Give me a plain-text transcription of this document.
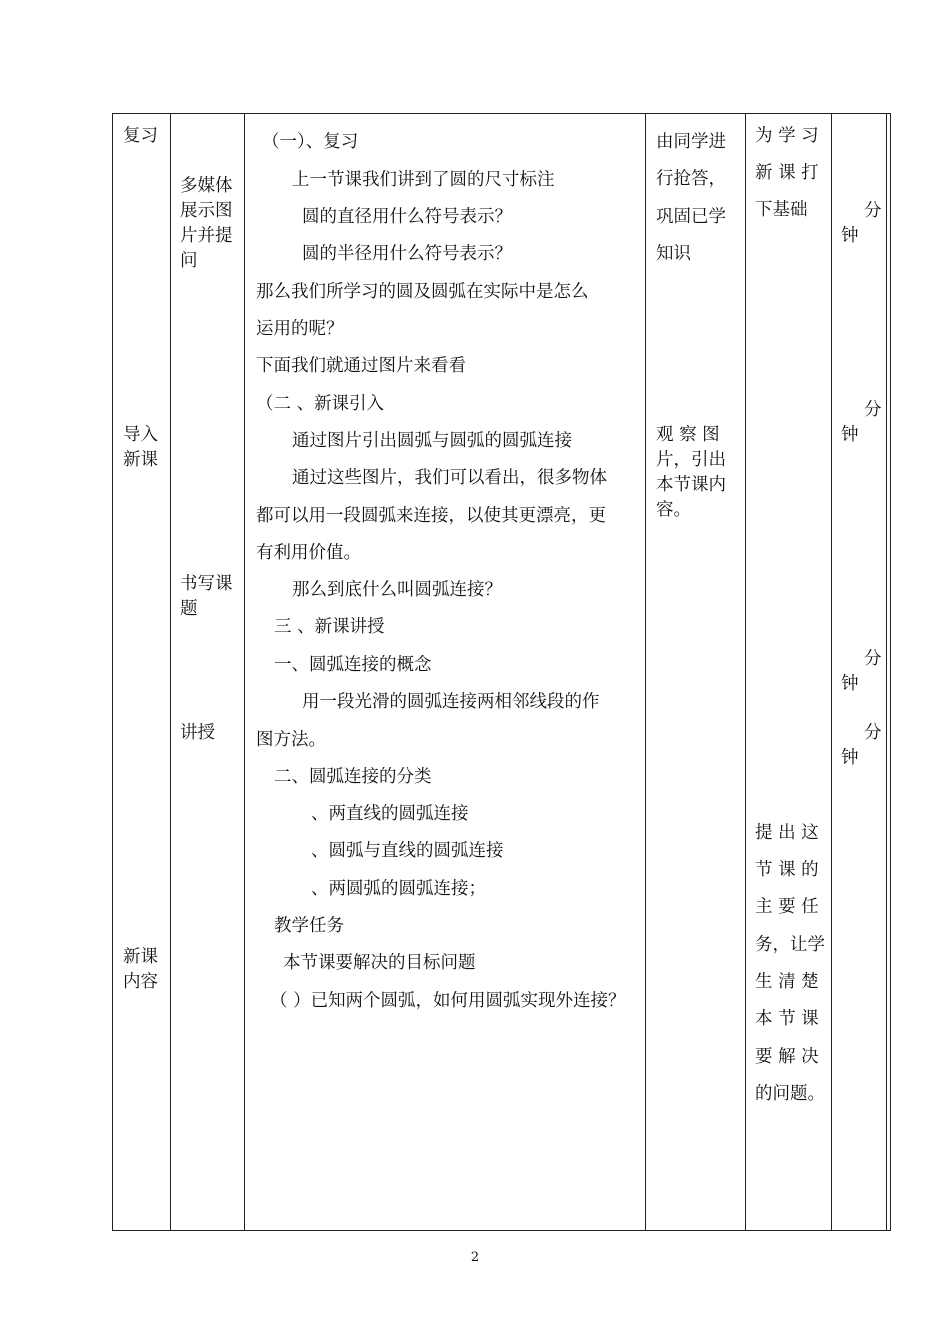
复习
导入
新课
新课
内容
多媒体
展示图
片并提
问
书写课
题
讲授
（一）、复习
上一节课我们讲到了圆的尺寸标注
圆的直径用什么符号表示？
圆的半径用什么符号表示？
那么我们所学习的圆及圆弧在实际中是怎么
运用的呢？
下面我们就通过图片来看看
（二 、新课引入
通过图片引出圆弧与圆弧的圆弧连接
通过这些图片，我们可以看出，很多物体
都可以用一段圆弧来连接，以使其更漂亮，更
有利用价值。
那么到底什么叫圆弧连接？
三 、新课讲授
一、圆弧连接的概念
用一段光滑的圆弧连接两相邻线段的作
图方法。
二、圆弧连接的分类
、两直线的圆弧连接
、圆弧与直线的圆弧连接
、两圆弧的圆弧连接；
教学任务
本节课要解决的目标问题
（ ）已知两个圆弧，如何用圆弧实现外连接？
由同学进
行抢答，
巩固已学
知识
观 察 图
片，引出
本节课内
容。
为 学 习
新 课 打
下基础
提 出 这
节 课 的
主 要 任
务，让学
生 清 楚
本 节 课
要 解 决
的问题。
分
钟
分
钟
分
钟
分
钟
2
